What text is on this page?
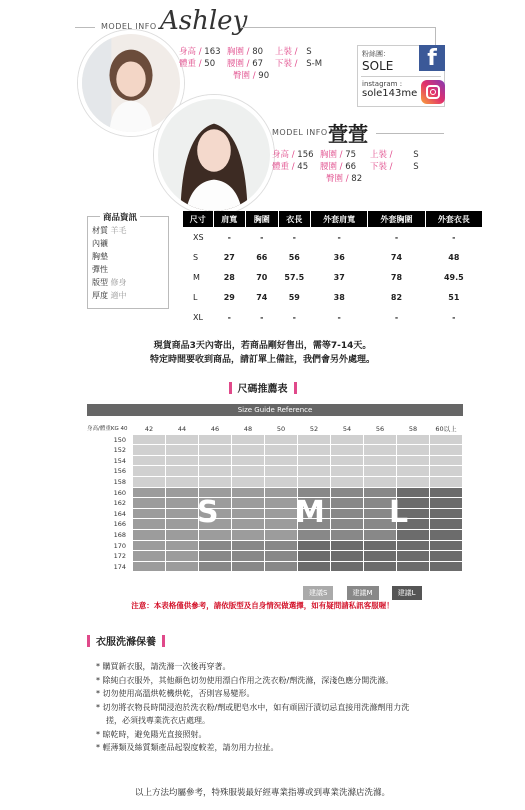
MODEL INFO Ashley
身高 / 163 胸圍 / 80 上裝 / S
體重 / 50 腰圍 / 67 下裝 / S-M
臀圍 / 90
粉絲團：
SOLE
instagram :
sole143me
f
MODEL INFO 萱萱
身高 / 156 胸圍 / 75 上裝 / S
體重 / 45 腰圍 / 66 下裝 / S
臀圍 / 82
商品資訊
材質 羊毛
內襯
胸墊
彈性
版型 修身
厚度 適中
尺寸	肩寬	胸圍	衣長	外套肩寬	外套胸圍	外套衣長
XS	-	-	-	-	-	-
S	27	66	56	36	74	48
M	28	70	57.5	37	78	49.5
L	29	74	59	38	82	51
XL	-	-	-	-	-	-
現貨商品3天內寄出，若商品剛好售出，需等7-14天。
特定時間要收到商品，請訂單上備註，我們會另外處理。
尺碼推薦表
Size Guide Reference
身高/體重KG 40	42	44	46	48	50	52	54	56	58	60以上
150
152
154
156
158
160
162
164
166
168
170
172
174
S	M L
建議S	建議M	建議L
注意：本表格僅供參考，請依版型及自身情況做選擇，如有疑問請私訊客服喔！
衣服洗滌保養
* 購買新衣服，請洗滌一次後再穿著。
* 除純白衣服外，其他顏色切勿使用漂白作用之洗衣粉/劑洗滌，深淺色應分開洗滌。
* 切勿使用高溫烘乾機烘乾，否則容易變形。
* 切勿將衣物長時間浸泡於洗衣粉/劑或肥皂水中，如有頑固汙漬切忌直接用洗滌劑用力洗搓，必須找專業洗衣店處理。
* 晾乾時，避免陽光直接照射。
* 輕薄類及絲質類產品起裂度較差，請勿用力拉扯。
以上方法均屬參考，特殊服裝最好經專業指導或到專業洗滌店洗滌。
